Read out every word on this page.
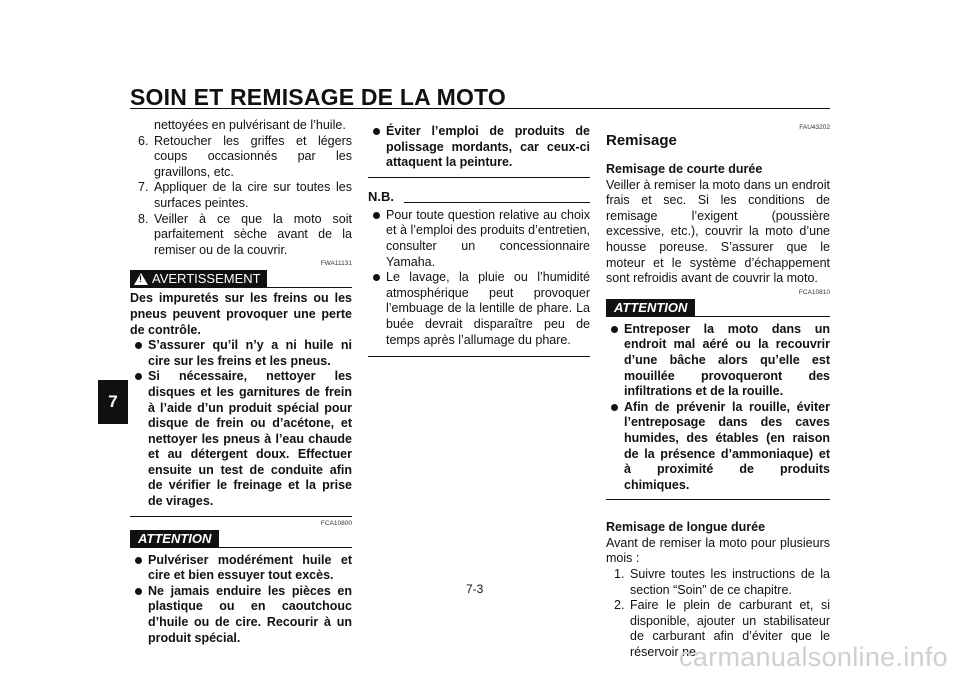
SOIN ET REMISAGE DE LA MOTO
7

nettoyées en pulvérisant de l’huile.

6. Retoucher les griffes et légers coups occasionnés par les gravillons, etc.
7. Appliquer de la cire sur toutes les surfaces peintes.
8. Veiller à ce que la moto soit parfaitement sèche avant de la remiser ou de la couvrir.
FWA11131
! AVERTISSEMENT

Des impuretés sur les freins ou les pneus peuvent provoquer une perte de contrôle.

S’assurer qu’il n’y a ni huile ni cire sur les freins et les pneus.
Si nécessaire, nettoyer les disques et les garnitures de frein à l’aide d’un produit spécial pour disque de frein ou d’acétone, et nettoyer les pneus à l’eau chaude et au détergent doux. Effectuer ensuite un test de conduite afin de vérifier le freinage et la prise de virages.
FCA10800
ATTENTION
Pulvériser modérément huile et cire et bien essuyer tout excès.
Ne jamais enduire les pièces en plastique ou en caoutchouc d’huile ou de cire. Recourir à un produit spécial.
Éviter l’emploi de produits de polissage mordants, car ceux-ci attaquent la peinture.
N.B.
Pour toute question relative au choix et à l’emploi des produits d’entretien, consulter un concessionnaire Yamaha.
Le lavage, la pluie ou l’humidité atmosphérique peut provoquer l’embuage de la lentille de phare. La buée devrait disparaître peu de temps après l’allumage du phare.
FAU43202
Remisage
Remisage de courte durée

Veiller à remiser la moto dans un endroit frais et sec. Si les conditions de remisage l’exigent (poussière excessive, etc.), couvrir la moto d’une housse poreuse. S’assurer que le moteur et le système d’échappement sont refroidis avant de couvrir la moto.

FCA10810
ATTENTION
Entreposer la moto dans un endroit mal aéré ou la recouvrir d’une bâche alors qu’elle est mouillée provoqueront des infiltrations et de la rouille.
Afin de prévenir la rouille, éviter l’entreposage dans des caves humides, des étables (en raison de la présence d’ammoniaque) et à proximité de produits chimiques.
Remisage de longue durée

Avant de remiser la moto pour plusieurs mois :

1. Suivre toutes les instructions de la section “Soin” de ce chapitre.
2. Faire le plein de carburant et, si disponible, ajouter un stabilisateur de carburant afin d’éviter que le réservoir ne
7-3
carmanualsonline.info
